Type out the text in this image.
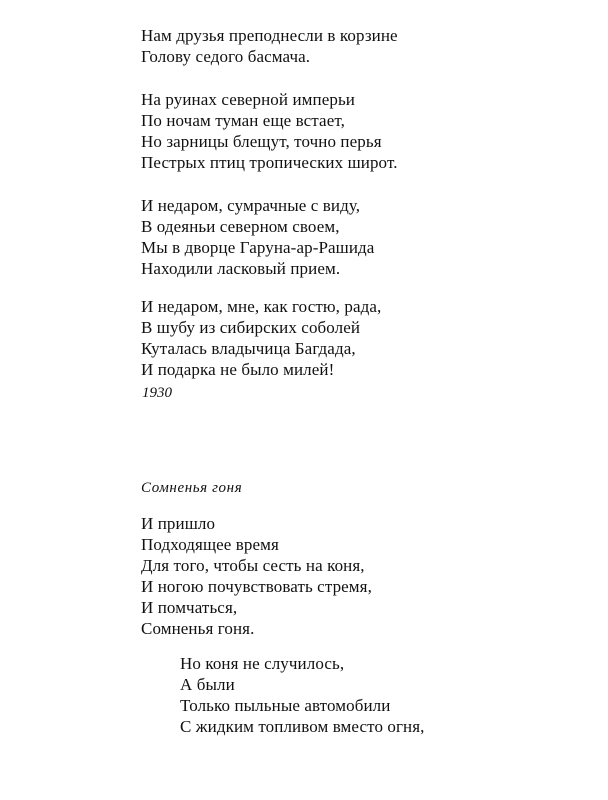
Нам друзья преподнесли в корзине
Голову седого басмача.
На руинах северной имперьи
По ночам туман еще встает,
Но зарницы блещут, точно перья
Пестрых птиц тропических широт.
И недаром, сумрачные с виду,
В одеяньи северном своем,
Мы в дворце Гаруна-ар-Рашида
Находили ласковый прием.
И недаром, мне, как гостю, рада,
В шубу из сибирских соболей
Куталась владычица Багдада,
И подарка не было милей!
1930
Сомненья гоня
И пришло
Подходящее время
Для того, чтобы сесть на коня,
И ногою почувствовать стремя,
И помчаться,
Сомненья гоня.
Но коня не случилось,
А были
Только пыльные автомобили
С жидким топливом вместо огня,
